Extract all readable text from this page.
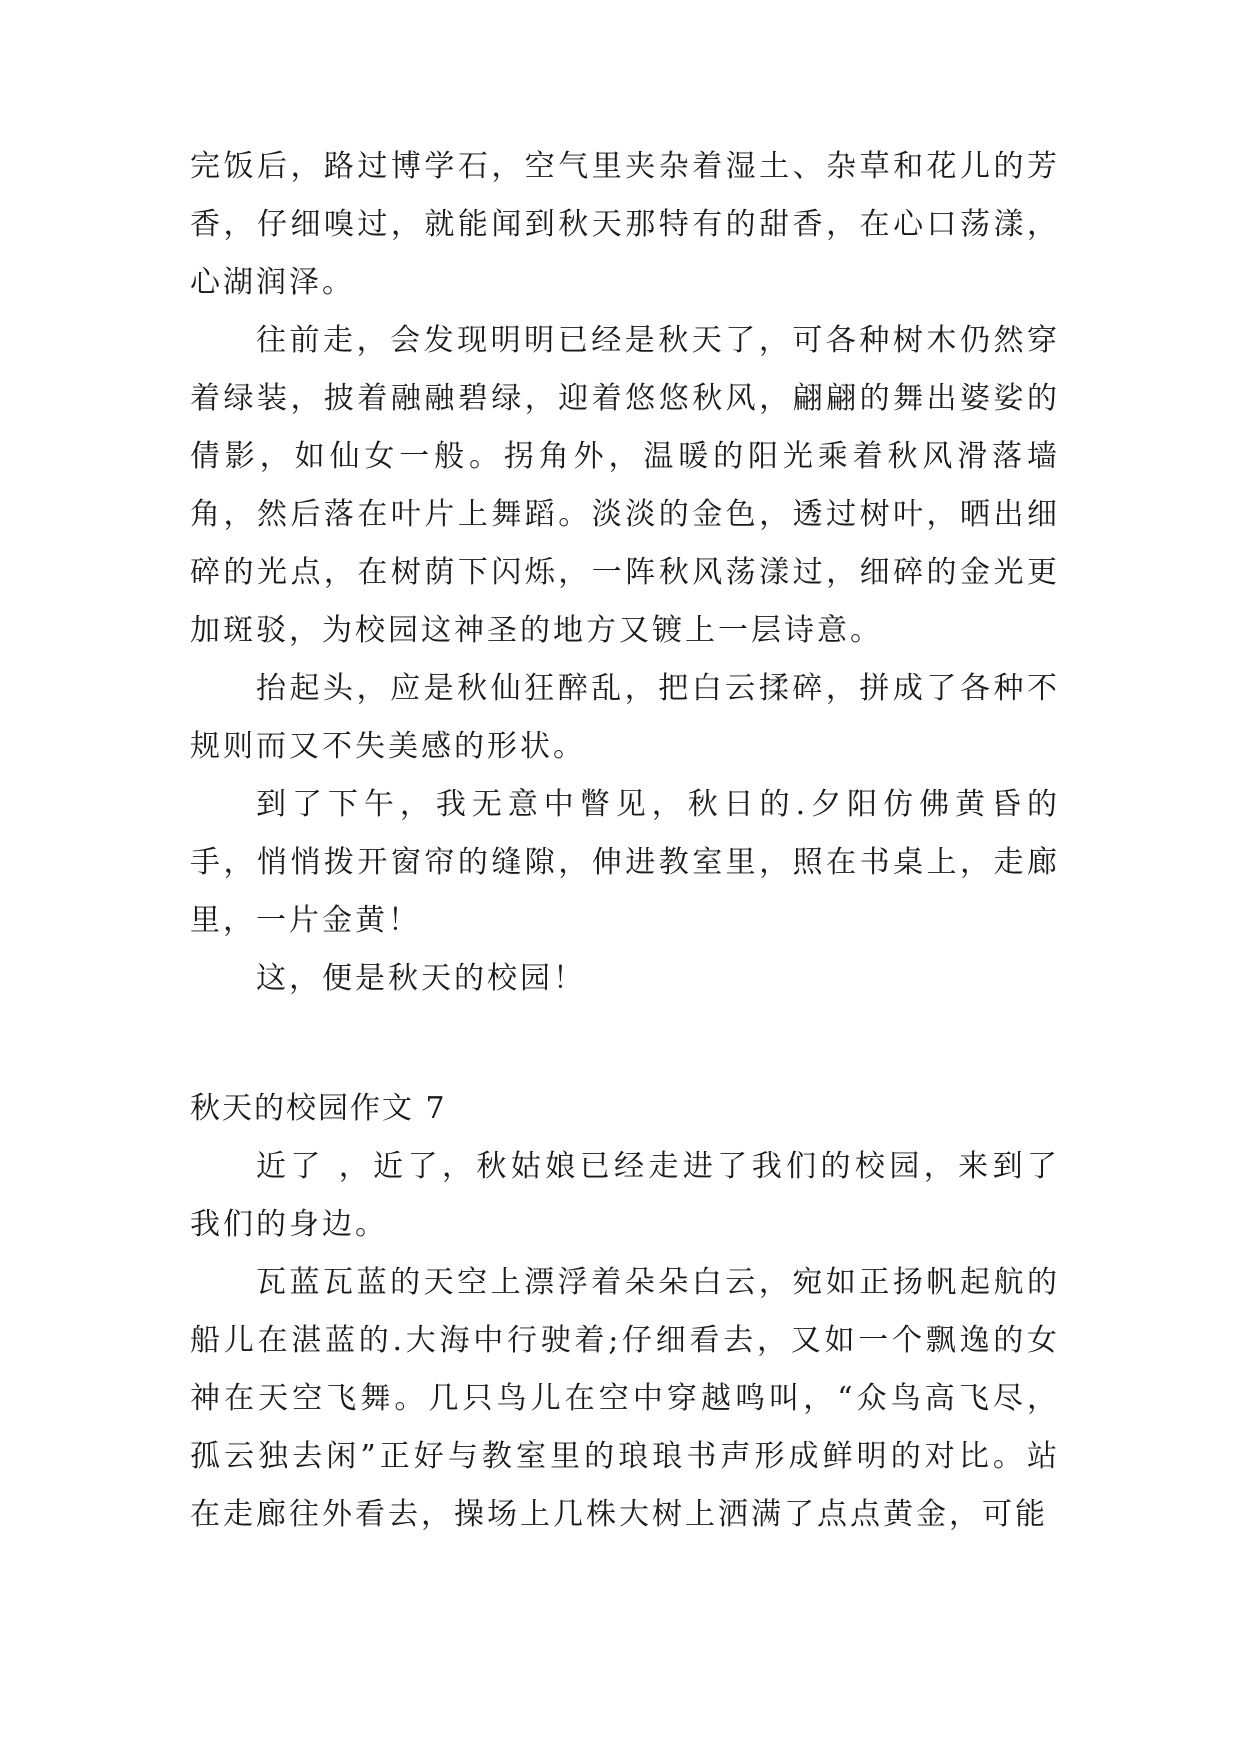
完饭后，路过博学石，空气里夹杂着湿土、杂草和花儿的芳香，仔细嗅过，就能闻到秋天那特有的甜香，在心口荡漾，心湖润泽。

往前走，会发现明明已经是秋天了，可各种树木仍然穿着绿装，披着融融碧绿，迎着悠悠秋风，翩翩的舞出婆娑的倩影，如仙女一般。拐角外，温暖的阳光乘着秋风滑落墙角，然后落在叶片上舞蹈。淡淡的金色，透过树叶，晒出细碎的光点，在树荫下闪烁，一阵秋风荡漾过，细碎的金光更加斑驳，为校园这神圣的地方又镀上一层诗意。

抬起头，应是秋仙狂醉乱，把白云揉碎，拼成了各种不规则而又不失美感的形状。

到了下午，我无意中瞥见，秋日的.夕阳仿佛黄昏的手，悄悄拨开窗帘的缝隙，伸进教室里，照在书桌上，走廊里，一片金黄！

这，便是秋天的校园！

秋天的校园作文 7

近了 ，近了，秋姑娘已经走进了我们的校园，来到了我们的身边。

瓦蓝瓦蓝的天空上漂浮着朵朵白云，宛如正扬帆起航的船儿在湛蓝的.大海中行驶着;仔细看去，又如一个飘逸的女神在天空飞舞。几只鸟儿在空中穿越鸣叫，“众鸟高飞尽，孤云独去闲”正好与教室里的琅琅书声形成鲜明的对比。站在走廊往外看去，操场上几株大树上洒满了点点黄金，可能
